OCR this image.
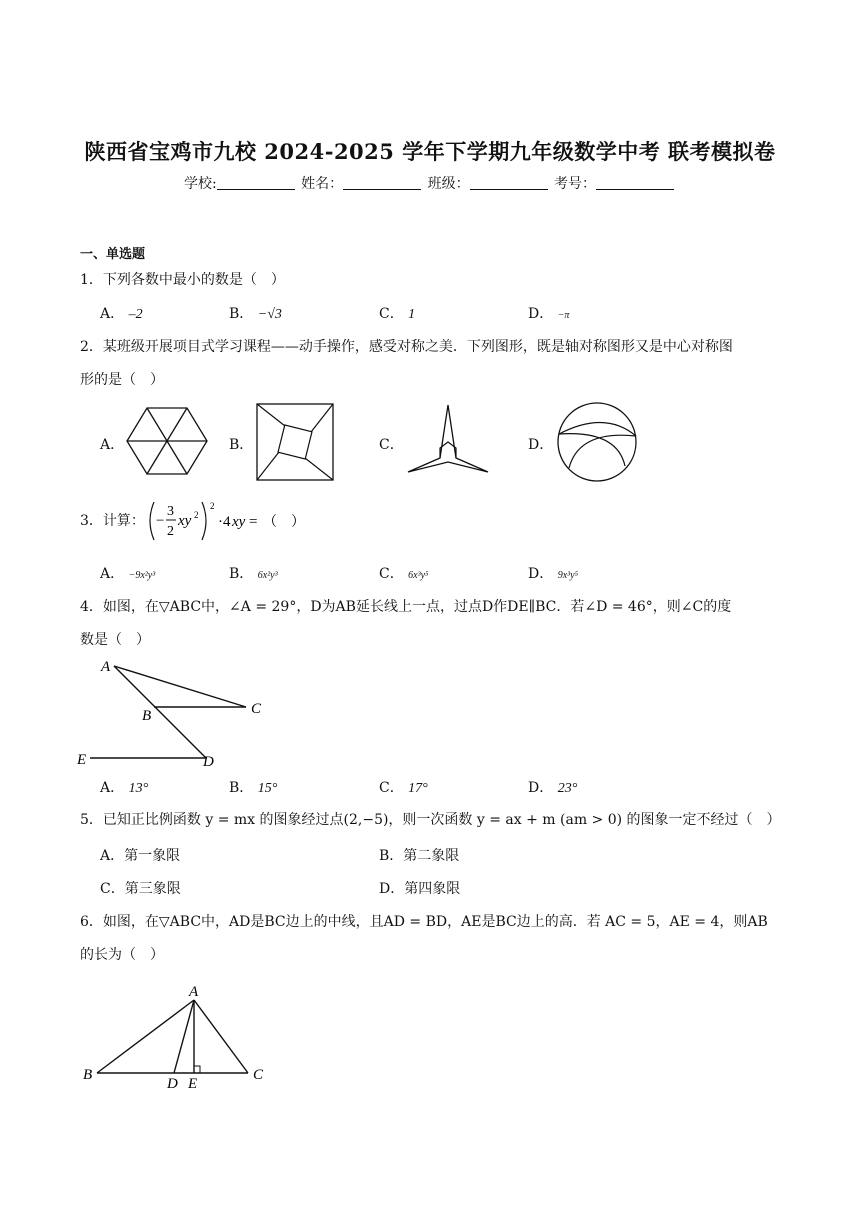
陕西省宝鸡市九校 2024-2025 学年下学期九年级数学中考 联考模拟卷
学校:	姓名：	班级：	考号：
一、单选题
1．下列各数中最小的数是（　）
A． –2	B． −√3	C． 1	D． −π
2．某班级开展项目式学习课程——动手操作，感受对称之美．下列图形，既是轴对称图形又是中心对称图
形的是（　）
A．	B．	C．	D．
3．计算： −
3
2
xy 2
2
·4 xy = （　）
A． −9x²y³	B． 6x²y³	C． 6x³y⁵	D． 9x³y⁵
4．如图，在▽ABC中，∠A = 29°，D为AB延长线上一点，过点D作DE∥BC．若∠D = 46°，则∠C的度
数是（　）
A
B	C
D
E
A． 13°	B． 15°	C． 17°	D． 23°
5．已知正比例函数 y = mx 的图象经过点(2,−5)，则一次函数 y = ax + m (am > 0) 的图象一定不经过（　）
A．第一象限	B．第二象限
C．第三象限	D．第四象限
6．如图，在▽ABC中，AD是BC边上的中线，且AD = BD，AE是BC边上的高．若 AC = 5，AE = 4，则AB
的长为（　）
A
B	C
D E
